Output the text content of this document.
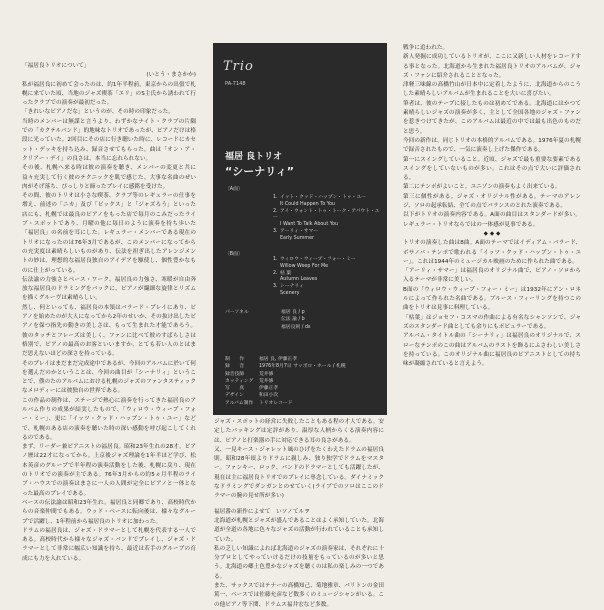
「福居良トリオについて」

(いとう・まさかか)

私が福居良に初めて会ったのは、約1年半程前。東京からの出張で札幌に来ていた頃、当地のジャズ喫茶「エリ」のS主氏から誘われて行ったクラブでの演奏が最初だった。

「きれいなピアノだな」というのが、その時の印象だった。

当時のメンバーは無謀と言うより、わずかなナイト・クラブの片隅での「カクテルバンド」的地味なトリオであったが、ピアノだけは格段に光っていた。2回目にその店に行き聴いた時に、レコードにカセット・デッキを持ち込み、録音させてもらった。曲は「オン・ア・クリアー・デイ」の良さは、本当に忘れられない。

その後、札幌へ来る時は彼の演奏を聴き、メンバーの変更と共に益々充実して行く彼のテクニックを肌で感じた。大事な名曲のぜい肉がそげ落ち、ぴっしりと締ったプレイに感銘を受けた。

その間、彼のトリオは小さな喫茶、クラブ等のレギュラーの仕事を増え、前述の「ニカ」及び「ピックス」と「ジャズろう」といった店にも、札幌では最良のピアノをもった店で毎月のこみだったライブ・スポットであり、月曜の他に毎日のように演奏を持ち歩いた「福居良」の名前を耳にした。レギュラー・メンバーである現在のトリオになったのは76年3月であるが、このメンバーになってからの充実度は素晴らしいものがあり、伝法を担ぎ出したアレンジメントの妙は、理想的な福居良独自のアイデアを駆使し、個性豊かなものに仕上がっている。

伝法諭の力強さとベース・ワーク、福居良の力強さ、寒暖が自由奔放な福居良のドラミングをバックに、ピアノが繊細な旋律とリズムを描くグルーヴは素晴らしい。

然し、何といっても、福居良の本領はバラード・プレイにあり、ピアノを始めたのが大人になってから2年のせいか、その抜け出したピアノを保つ指先の動きの美しさは、もって生まれた才能であろう。彼のタッチとフレーズは美しく、ファンに比べて彼のすばらしさは格別で、ピアノの最高のお客といいますか、とても若い人のとはまだ思えないほどの深さを持っている。

そのプレイはまだまだ完成途中であるが、今回のアルバムに於いて何を選んだのかということは、今回の曲目が「シーナリィ」ということで、僕のたのアルバムにおける札幌のジャズのファンタスティックなメロディーには彼独自の世界である。

この作品の制作は、ステージで熱心に演奏を行ってきた福居良のアルバム作りの成果が結実したもので、「ウィロウ・ウィープ・フォー・ミー」、更に「イッツ・クッド・ハップン・トゥ・ユー」などで、札幌のある店の演奏を聴いた時の深い感動を呼び起こしてくれるのである。

まず、リーダー兼ピアニストの福居良。昭和23年生れの28才。ピアノ歴は22才になってから。上京後ジャズ理論を1年半ほど学び、松本英彦のグループで半年程の演奏活動をした後、札幌に戻り、現在のトリオでの演奏が主である。76年3月からの約5ヵ月半程のライブ・ハウスでの演奏はまさに一人の人間が完全にピアノと一体となった最高のプレイである。

ベースの伝法諭は昭和23年生れ。福居良と同郷であり、高校時代からの音楽仲間でもある。ウッド・ベースに転向後は、様々なグループで活躍し、1年程前から福居良のトリオに加わった。

ドラムの福居良は、ジャズ・ドラマーとして札幌を代表する一人である。高校時代から様々なジャズ・バンドでプレイし、ジャズ・ドラマーとして非常に幅広い知識を持ち、最近は若手のグループの育成にも力を入れている。

Trio
PA-7148
福居 良トリオ
“シーナリィ”
〔A面〕
1. イット・クッド・ハップン・トゥ・ユー
It Could Happen To You
2. アイ・ウォント・トゥ・トーク・アバウト・ユー
I Want To Talk About You
3. アーリィ・サマー
Early Summer
〔B面〕
1. ウィロウ・ウィープ・フォー・ミー
Willow Weep For Me
2. 枯 葉
Autumn Leaves
3. シーナリィ
Scenery
パーソネル	福居 良 / p
伝法 諭 / b
福居良則 / ds
制　　作	福居 良, 伊藤正孝
録　　音	1976年8月7日 サッポロ・ホール / 札幌
録音技師	荒井修
カッティング	荒井修
写　　真	伊藤正孝
デザイン	和田小次
アルバム制作	トリオレコード

ジャズ・スポットの経営に失敗したこともある程の才人である。安定したバッキングは定評があり、温厚な人柄からくる演奏内容には、ピアノと打楽器の手に対応できる耳の良さがある。

又、一見キース・ジャレット風のひげをたくわえたドラムの福居良則。昭和28年頃よりドラムに親しみ、独り独学でドラムをマスター。ファンキー、ロック、バンドのドラマーとしても活躍したが、現在は主に福居良トリオでのプレイに専念している。ダイナミックなドラミングでダンガンとのせていく(ライブでのソロはここのドラマーの腕の見せ所が多い)

福居番の新作によせて　 いソノてルヲ

北海道が札幌とジャズが盛んであることはよく承知していた。北海道が全道の各地に色々なジャズの活動が行われていることも承知していた。

私の乏しい知識によれば北海道のジャズの演奏家は、それぞれに十分プロとしてやっていけるだけの技量をもっているのが多いと思う。北海道の郷土色豊かなジャズを聴くのは私の楽しみの一つである。

また、サックスではテナーの高橋知己、菊地雅章、バリトンの金田篤一、ベースでは佐藤允彦など数多くのミュージシャンがいる。この他ピアノ等下関、ドラムス福井宏など多数。

戦争に追われた。

新人発掘に成功しているトリオが、ここに又新しい人材をレコードする事となった。北海道から生まれた福居良トリオのアルバムが、ジャズ・ファンに紹介されることとなった。

津軽三味線の高橋竹山が日本中に定着したように、北海道からのこうした素晴らしいアルバムが生まれることを大いに喜びたい。

筆者は、彼のテープに接したものは初めてである。北海道にはかつて素晴らしいジャズの演奏が多く、主として全国各地のジャズ・ファンを惹きつけてきたが、このアルバムは最近の中では最も出色のものだと思う。

今回の新作は、同じトリオの本格的アルバムである。1976年夏の札幌で録音されたもので、一気に演奏し上げた傑作である。

第一にスイングしていること。近頃、ジャズで最も重要な要素であるスイングをしていないものが多い。これはその点で大いに評価される。

第二にテンポがよいこと。ユニゾンの演奏もよく出来ている。

第三に個性がある。ジャズ・オリジナル性がある。テーマのアレンジ、ソロの起承転結、全ての点でバランスのとれた演奏である。

以下がトリオの演奏内容である。A面の曲目はスタンダードが多い。レギュラー・トリオならではの一体感が見事である。

◆ ◆ ◆

トリオの演奏した曲は8曲。A面のテーマではイディアム・バラード、ボサノバ・テンポで歌われる「イッツ・クッド・ハップン・トゥ・ユー」。これは1944年のミュージカル映画のために作られた曲である。

「アーリィ・サマー」は福居良のオリジナル曲で、ピアノ・ソロから入るテーマが非常に美しい。

B面の「ウィロウ・ウィープ・フォー・ミー」は1932年にアン・ロネルによって作られた名曲である。ブルース・フィーリングを持つこの曲をトリオは見事に料理している。

「枯葉」はジョセフ・コスマの作曲による有名なシャンソンで、ジャズのスタンダード曲としても余りにもポピュラーである。

アルバム・タイトル曲の「シーナリィ」は福居良のオリジナルで、スローなテンポのこの曲はアルバムのラストを飾るにふさわしい美しさを持っている。このオリジナル曲に福居良のピアニストとしての持ち味が凝縮されていると言えよう。
